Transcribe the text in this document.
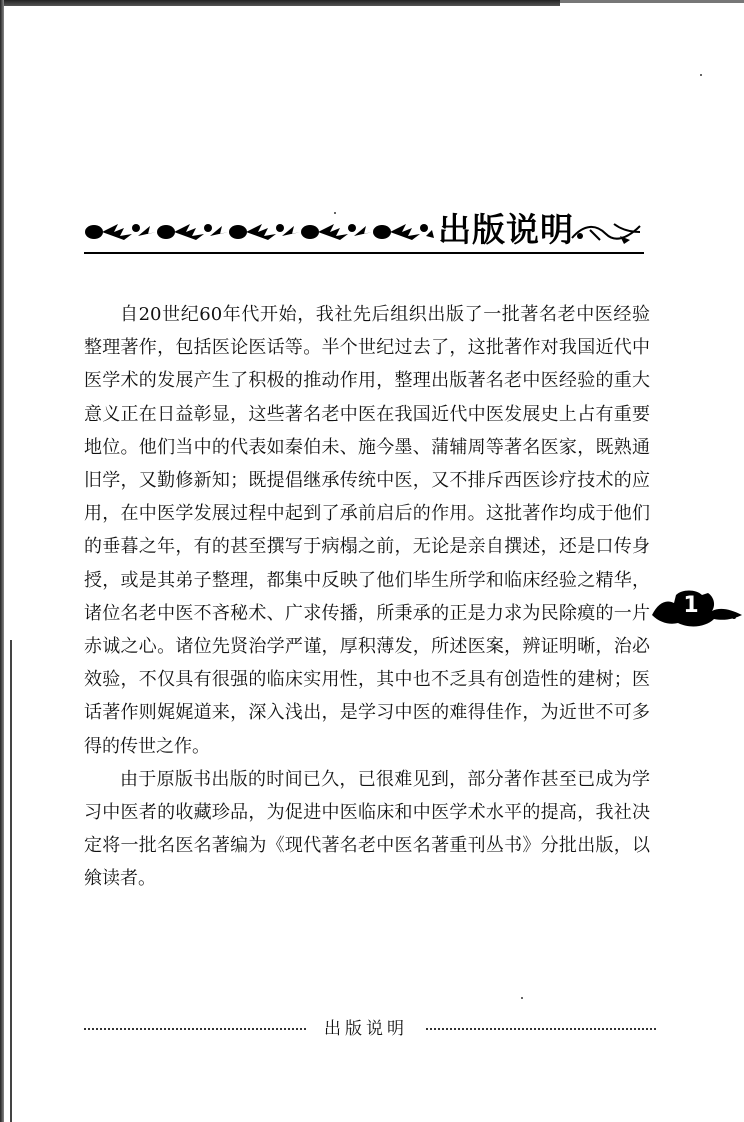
出版说明

自20世纪60年代开始，我社先后组织出版了一批著名老中医经验整理著作，包括医论医话等。半个世纪过去了，这批著作对我国近代中医学术的发展产生了积极的推动作用，整理出版著名老中医经验的重大意义正在日益彰显，这些著名老中医在我国近代中医发展史上占有重要地位。他们当中的代表如秦伯未、施今墨、蒲辅周等著名医家，既熟通旧学，又勤修新知；既提倡继承传统中医，又不排斥西医诊疗技术的应用，在中医学发展过程中起到了承前启后的作用。这批著作均成于他们的垂暮之年，有的甚至撰写于病榻之前，无论是亲自撰述，还是口传身授，或是其弟子整理，都集中反映了他们毕生所学和临床经验之精华，诸位名老中医不吝秘术、广求传播，所秉承的正是力求为民除瘼的一片赤诚之心。诸位先贤治学严谨，厚积薄发，所述医案，辨证明晰，治必效验，不仅具有很强的临床实用性，其中也不乏具有创造性的建树；医话著作则娓娓道来，深入浅出，是学习中医的难得佳作，为近世不可多得的传世之作。

由于原版书出版的时间已久，已很难见到，部分著作甚至已成为学习中医者的收藏珍品，为促进中医临床和中医学术水平的提高，我社决定将一批名医名著编为《现代著名老中医名著重刊丛书》分批出版，以飨读者。

1
出版说明
